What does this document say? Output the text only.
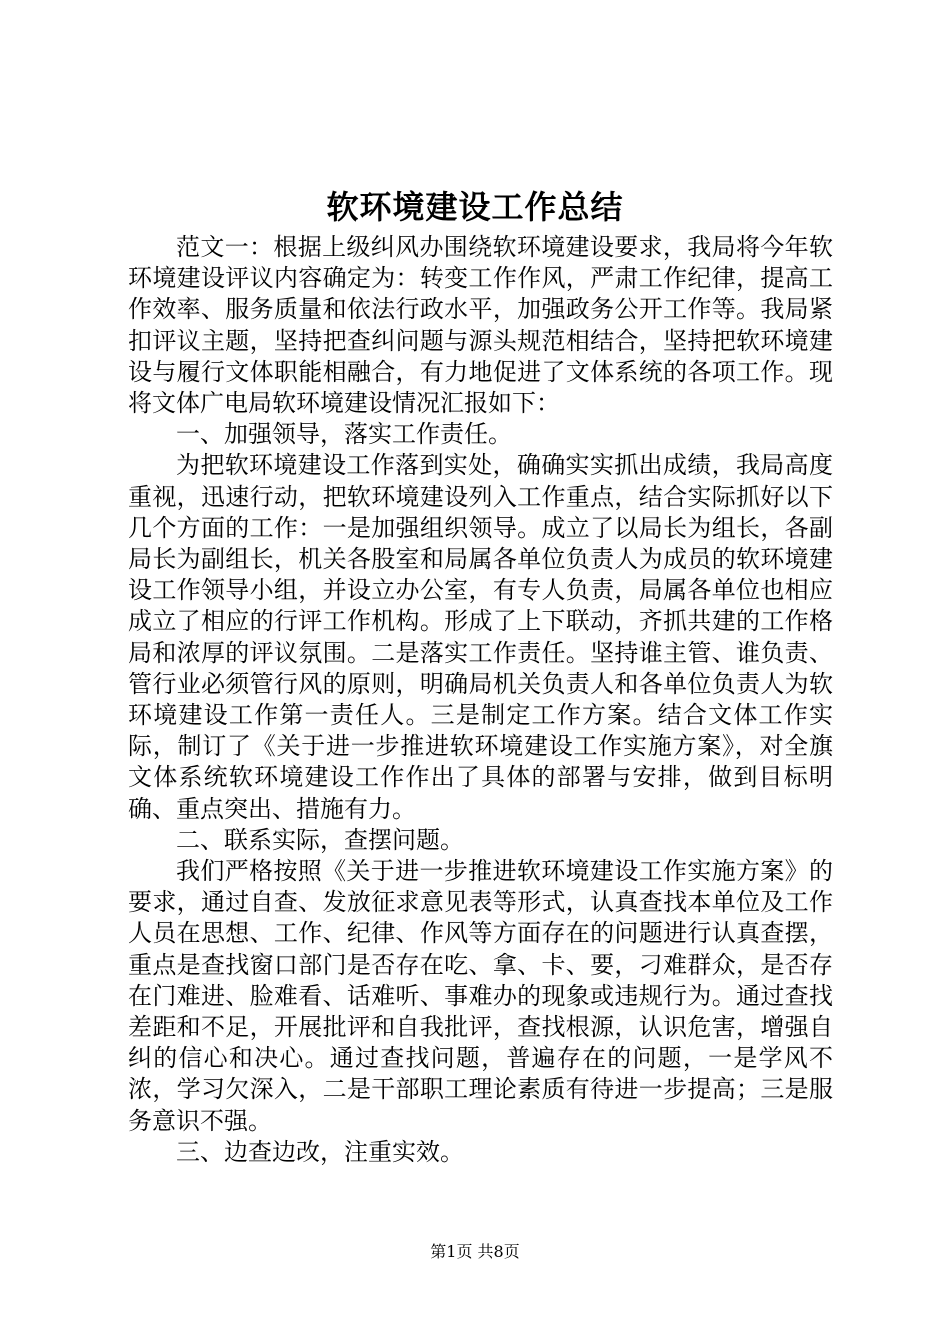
软环境建设工作总结

范文一：根据上级纠风办围绕软环境建设要求，我局将今年软环境建设评议内容确定为：转变工作作风，严肃工作纪律，提高工作效率、服务质量和依法行政水平，加强政务公开工作等。我局紧扣评议主题，坚持把查纠问题与源头规范相结合，坚持把软环境建设与履行文体职能相融合，有力地促进了文体系统的各项工作。现将文体广电局软环境建设情况汇报如下：

一、加强领导，落实工作责任。

为把软环境建设工作落到实处，确确实实抓出成绩，我局高度重视，迅速行动，把软环境建设列入工作重点，结合实际抓好以下几个方面的工作：一是加强组织领导。成立了以局长为组长，各副局长为副组长，机关各股室和局属各单位负责人为成员的软环境建设工作领导小组，并设立办公室，有专人负责，局属各单位也相应成立了相应的行评工作机构。形成了上下联动，齐抓共建的工作格局和浓厚的评议氛围。二是落实工作责任。坚持谁主管、谁负责、管行业必须管行风的原则，明确局机关负责人和各单位负责人为软环境建设工作第一责任人。三是制定工作方案。结合文体工作实际，制订了《关于进一步推进软环境建设工作实施方案》，对全旗文体系统软环境建设工作作出了具体的部署与安排，做到目标明确、重点突出、措施有力。

二、联系实际，查摆问题。

我们严格按照《关于进一步推进软环境建设工作实施方案》的要求，通过自查、发放征求意见表等形式，认真查找本单位及工作人员在思想、工作、纪律、作风等方面存在的问题进行认真查摆，重点是查找窗口部门是否存在吃、拿、卡、要，刁难群众，是否存在门难进、脸难看、话难听、事难办的现象或违规行为。通过查找差距和不足，开展批评和自我批评，查找根源，认识危害，增强自纠的信心和决心。通过查找问题，普遍存在的问题，一是学风不浓，学习欠深入，二是干部职工理论素质有待进一步提高；三是服务意识不强。

三、边查边改，注重实效。

第1页 共8页
